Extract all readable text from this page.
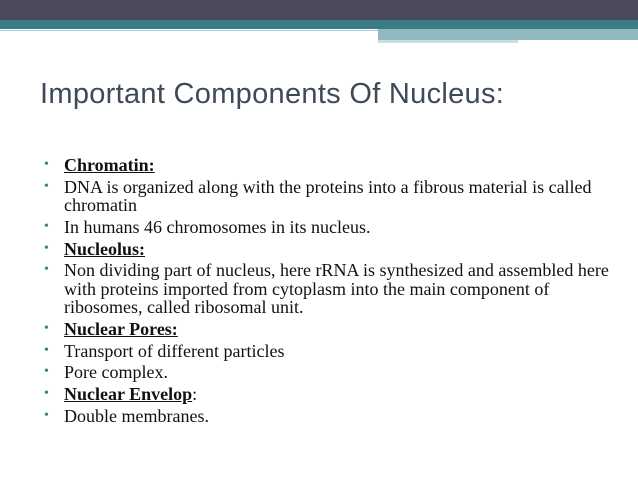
Important Components Of Nucleus:
• Chromatin:
• DNA is organized along with the proteins into a fibrous material is called chromatin
• In humans 46 chromosomes in its nucleus.
• Nucleolus:
• Non dividing part of nucleus, here rRNA is synthesized and assembled here with proteins imported from cytoplasm into the main component of ribosomes, called ribosomal unit.
• Nuclear Pores:
• Transport of different particles
• Pore complex.
• Nuclear Envelop:
• Double membranes.
